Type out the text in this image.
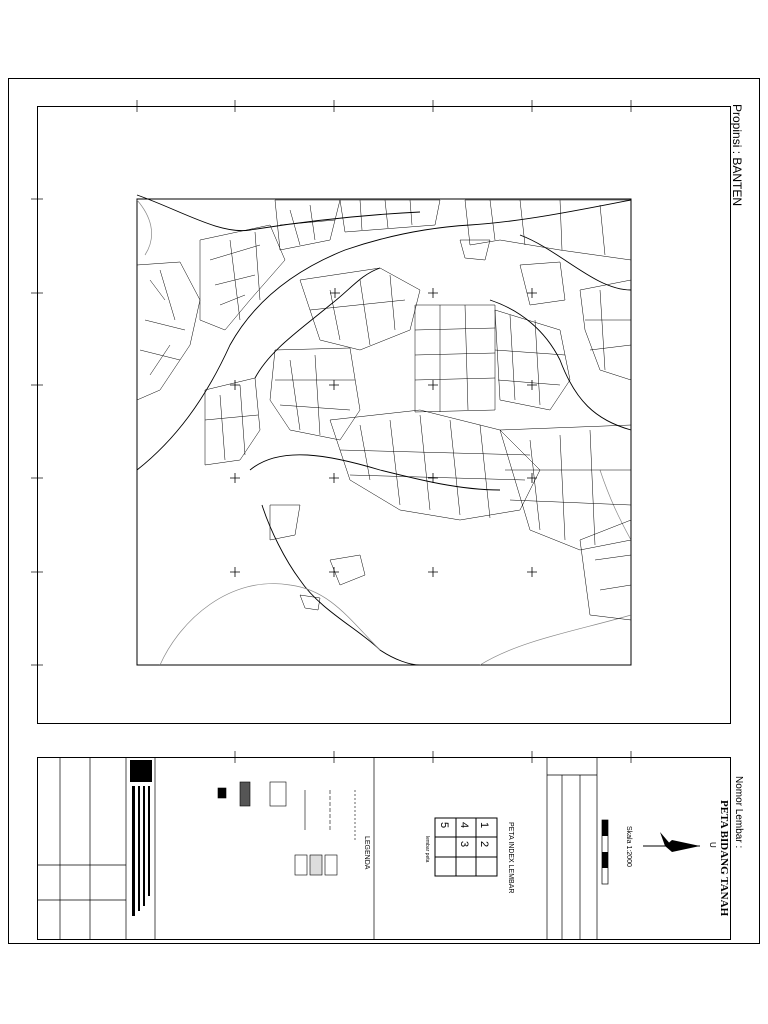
Propinsi : BANTEN
Nomor Lembar :
PETA BIDANG TANAH
U
Skala 1:2000
PETA INDEX LEMBAR
lembar peta
LEGENDA
1
2
4
3
5
